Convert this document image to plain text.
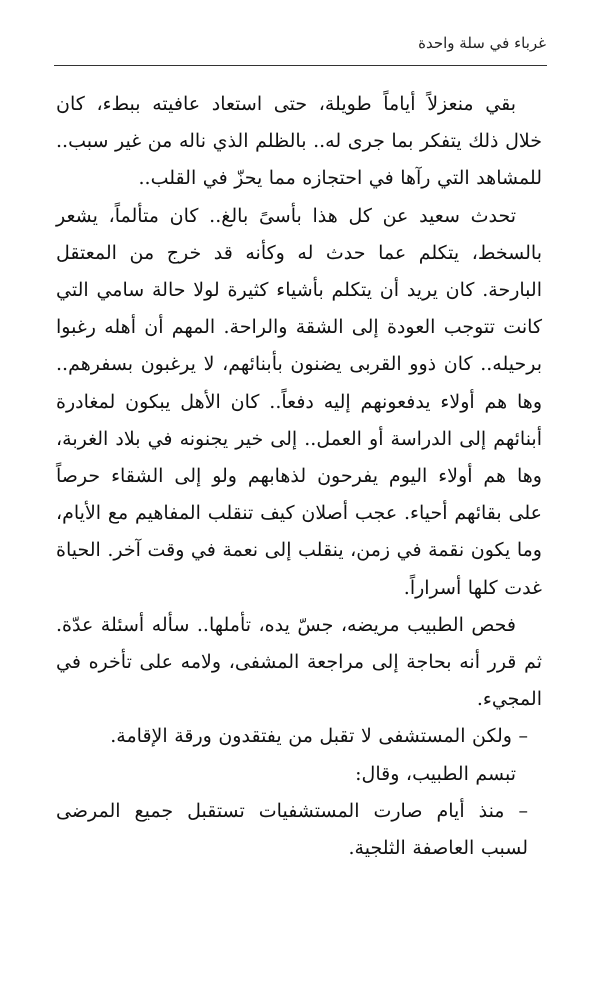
غرباء في سلة واحدة

بقي منعزلاً أياماً طويلة، حتى استعاد عافيته ببطء، كان خلال ذلك يتفكر بما جرى له.. بالظلم الذي ناله من غير سبب.. للمشاهد التي رآها في احتجازه مما يحزّ في القلب..

تحدث سعيد عن كل هذا بأسىً بالغ.. كان متألماً، يشعر بالسخط، يتكلم عما حدث له وكأنه قد خرج من المعتقل البارحة. كان يريد أن يتكلم بأشياء كثيرة لولا حالة سامي التي كانت تتوجب العودة إلى الشقة والراحة. المهم أن أهله رغبوا برحيله.. كان ذوو القربى يضنون بأبنائهم، لا يرغبون بسفرهم.. وها هم أولاء يدفعونهم إليه دفعاً.. كان الأهل يبكون لمغادرة أبنائهم إلى الدراسة أو العمل.. إلى خير يجنونه في بلاد الغربة، وها هم أولاء اليوم يفرحون لذهابهم ولو إلى الشقاء حرصاً على بقائهم أحياء. عجب أصلان كيف تنقلب المفاهيم مع الأيام، وما يكون نقمة في زمن، ينقلب إلى نعمة في وقت آخر. الحياة غدت كلها أسراراً.

فحص الطبيب مريضه، جسّ يده، تأملها.. سأله أسئلة عدّة. ثم قرر أنه بحاجة إلى مراجعة المشفى، ولامه على تأخره في المجيء.

– ولكن المستشفى لا تقبل من يفتقدون ورقة الإقامة.

تبسم الطبيب، وقال:

– منذ أيام صارت المستشفيات تستقبل جميع المرضى لسبب العاصفة الثلجية.
